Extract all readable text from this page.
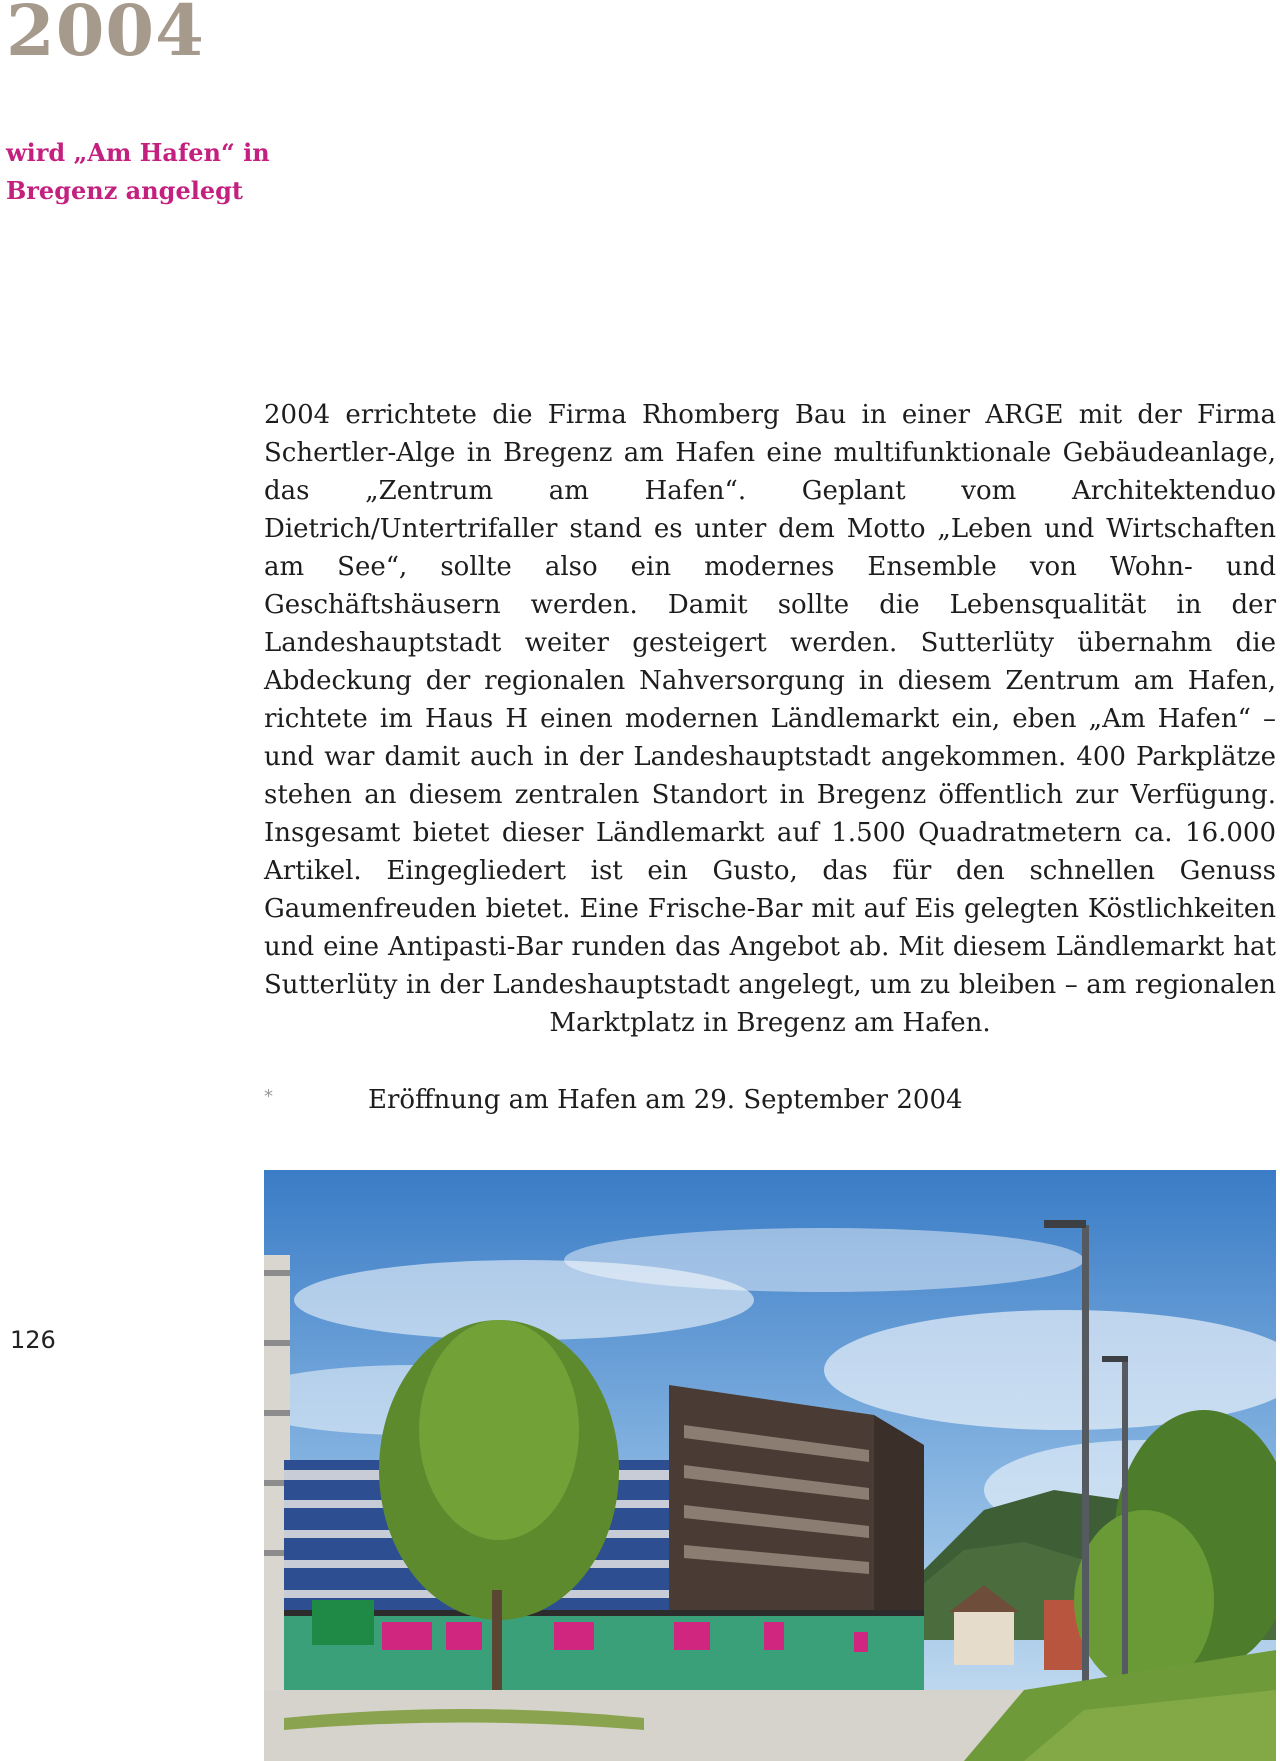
2004
wird „Am Hafen“ in Bregenz angelegt

2004 errichtete die Firma Rhomberg Bau in einer ARGE mit der Firma Schertler-Alge in Bregenz am Hafen eine multifunktionale Gebäudeanlage, das „Zentrum am Hafen“. Geplant vom Architektenduo Dietrich/Untertrifaller stand es unter dem Motto „Leben und Wirtschaften am See“, sollte also ein modernes Ensemble von Wohn- und Geschäftshäusern werden. Damit sollte die Lebensqualität in der Landeshauptstadt weiter gesteigert werden. Sutterlüty übernahm die Abdeckung der regionalen Nahversorgung in diesem Zentrum am Hafen, richtete im Haus H einen modernen Ländlemarkt ein, eben „Am Hafen“ – und war damit auch in der Landeshauptstadt angekommen. 400 Parkplätze stehen an diesem zentralen Standort in Bregenz öffentlich zur Verfügung. Insgesamt bietet dieser Ländlemarkt auf 1.500 Quadratmetern ca. 16.000 Artikel. Eingegliedert ist ein Gusto, das für den schnellen Genuss Gaumenfreuden bietet. Eine Frische-Bar mit auf Eis gelegten Köstlichkeiten und eine Antipasti-Bar runden das Angebot ab. Mit diesem Ländlemarkt hat Sutterlüty in der Landeshauptstadt angelegt, um zu bleiben – am regionalen Marktplatz in Bregenz am Hafen.

*	Eröffnung am Hafen am 29. September 2004
126
